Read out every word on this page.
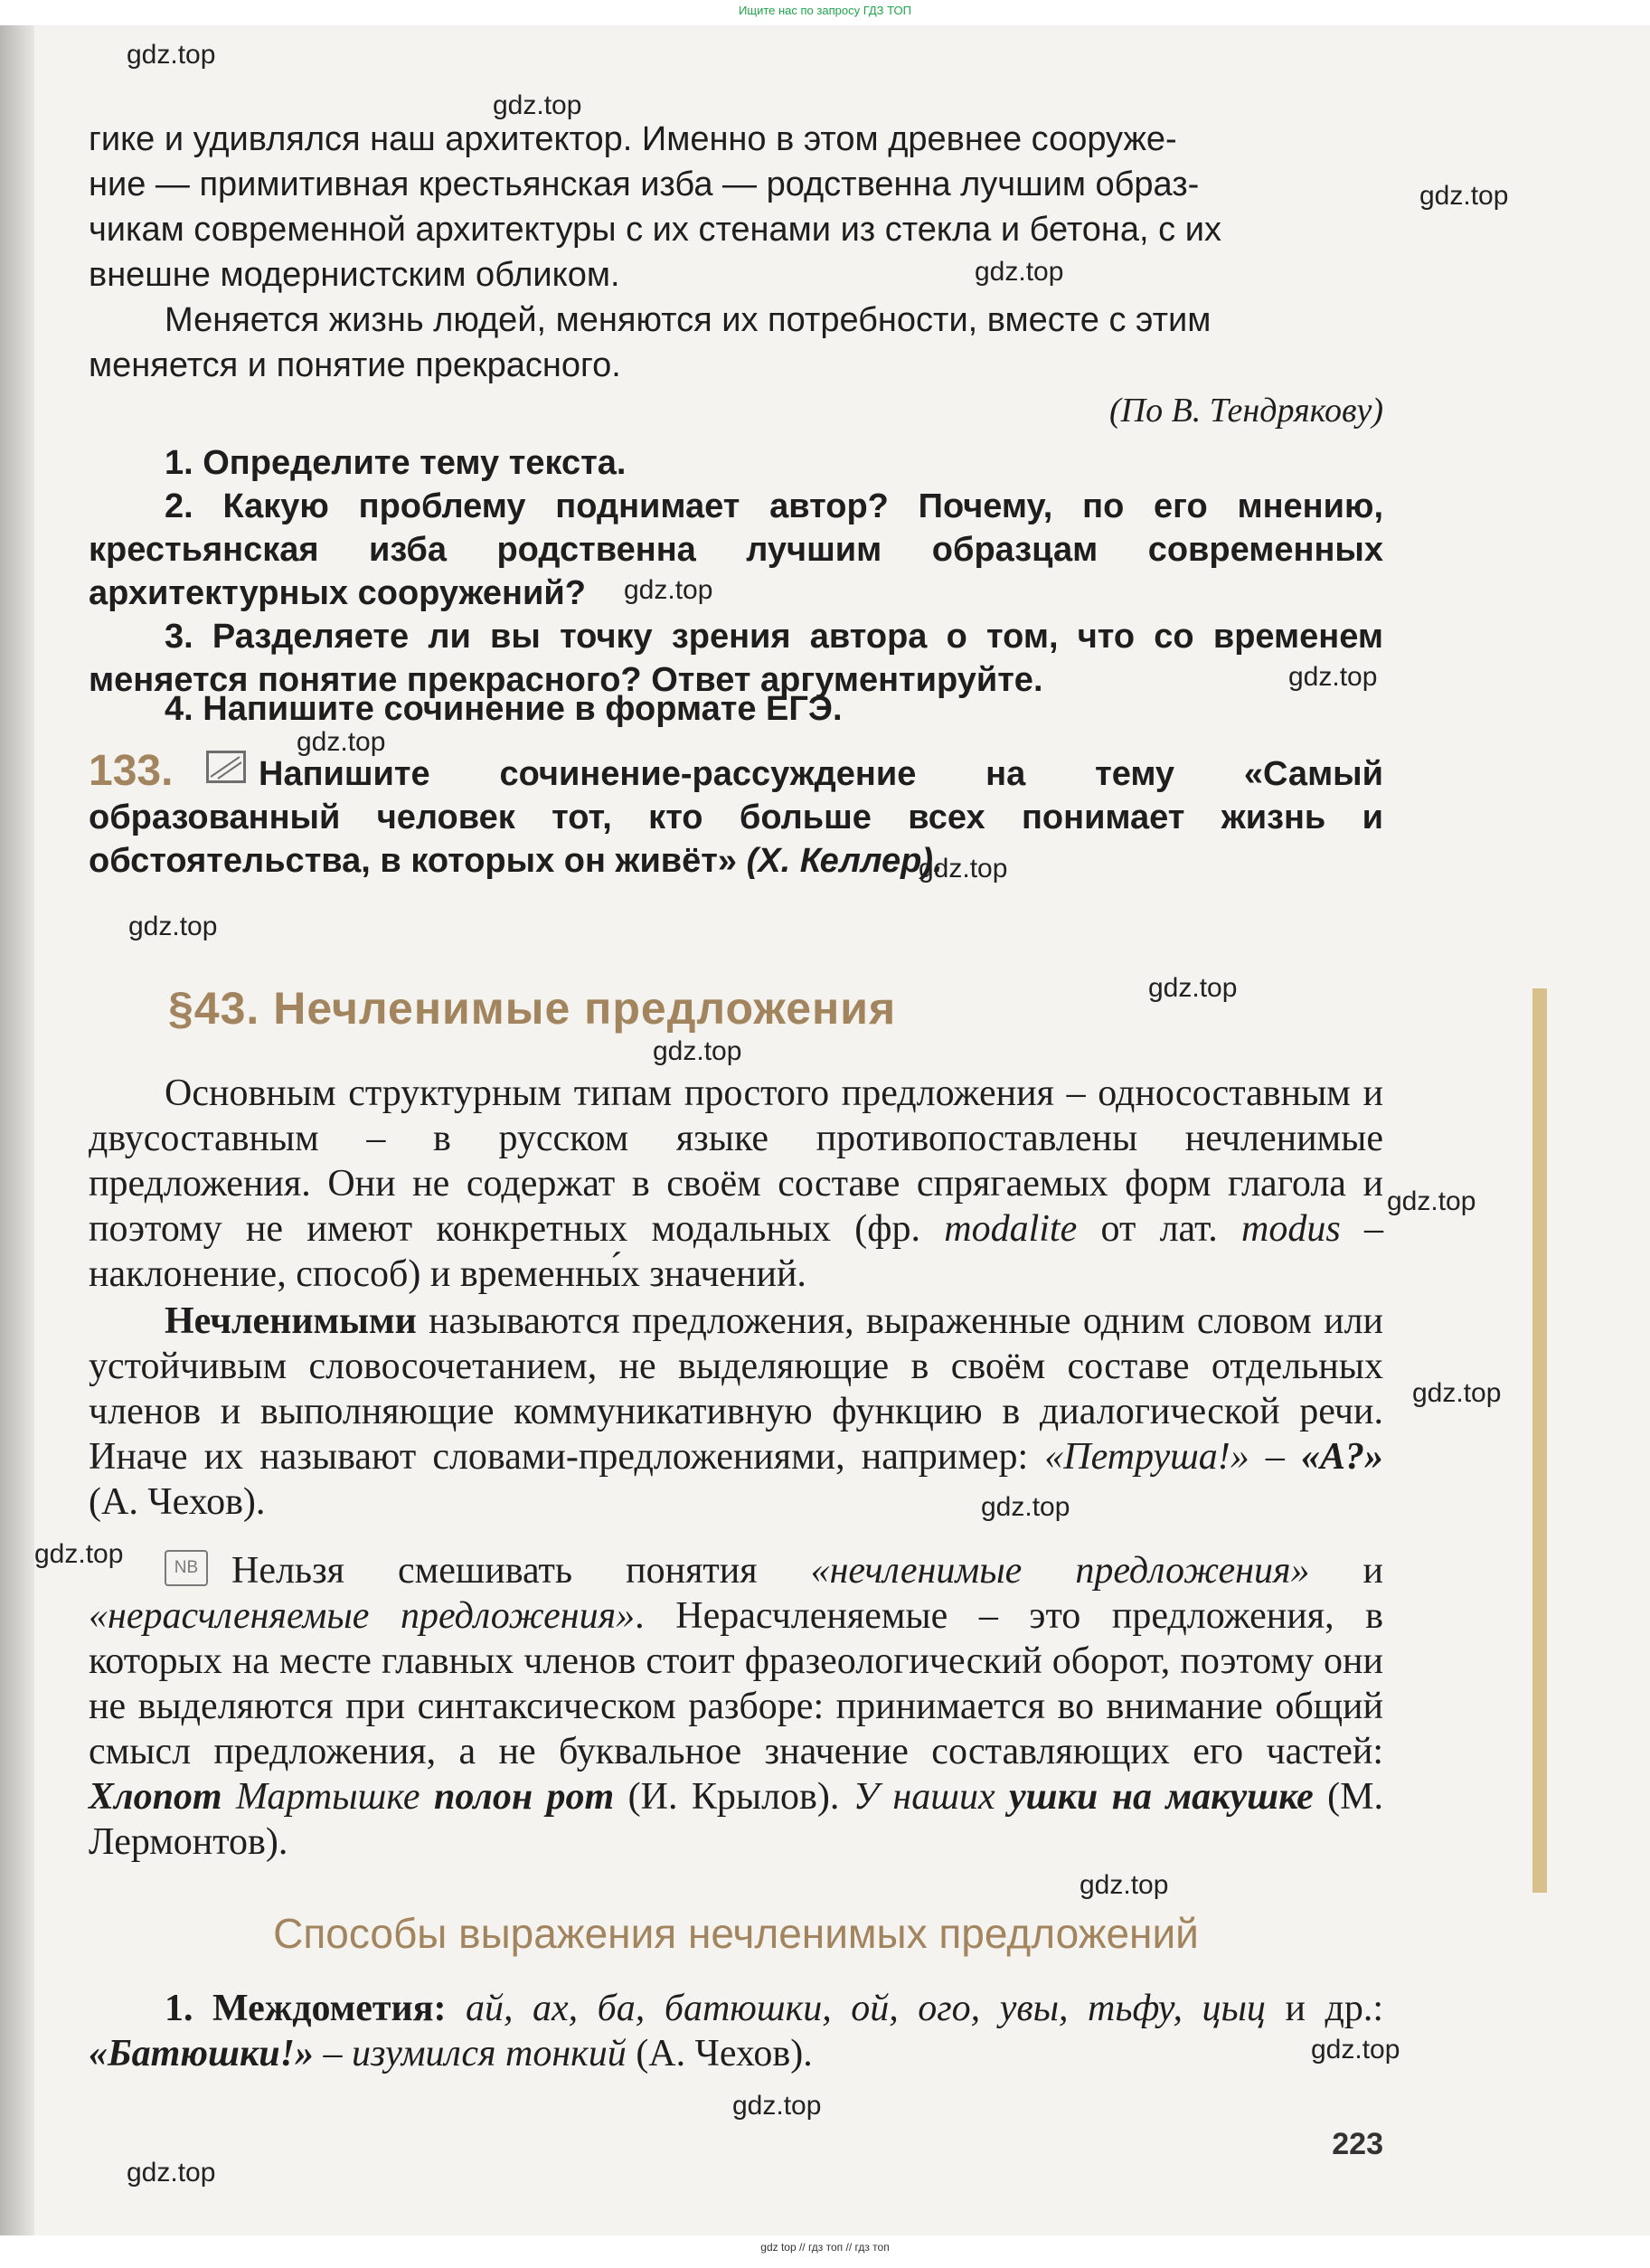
Ищите нас по запросу ГДЗ ТОП
гике и удивлялся наш архитектор. Именно в этом древнее сооруже-
ние — примитивная крестьянская изба — родственна лучшим образ-
чикам современной архитектуры с их стенами из стекла и бетона, с их
внешне модернистским обликом.
Меняется жизнь людей, меняются их потребности, вместе с этим
меняется и понятие прекрасного.
(По В. Тендрякову)
1. Определите тему текста.
2. Какую проблему поднимает автор? Почему, по его мнению, крестьянская изба родственна лучшим образцам современных архитектурных сооружений?
3. Разделяете ли вы точку зрения автора о том, что со временем меняется понятие прекрасного? Ответ аргументируйте.
4. Напишите сочинение в формате ЕГЭ.
133.	Напишите сочинение-рассуждение на тему «Самый образованный человек тот, кто больше всех понимает жизнь и обстоятельства, в которых он живёт» (Х. Келлер).
§43. Нечленимые предложения
Основным структурным типам простого предложения – односоставным и двусоставным – в русском языке противопоставлены нечленимые предложения. Они не содержат в своём составе спрягаемых форм глагола и поэтому не имеют конкретных модальных (фр. modalite от лат. modus – наклонение, способ) и временны́х значений.
Нечленимыми называются предложения, выраженные одним словом или устойчивым словосочетанием, не выделяющие в своём составе отдельных членов и выполняющие коммуникативную функцию в диалогической речи. Иначе их называют словами-предложениями, например: «Петруша!» – «А?» (А. Чехов).
NB Нельзя смешивать понятия «нечленимые предложения» и «нерасчленяемые предложения». Нерасчленяемые – это предложения, в которых на месте главных членов стоит фразеологический оборот, поэтому они не выделяются при синтаксическом разборе: принимается во внимание общий смысл предложения, а не буквальное значение составляющих его частей: Хлопот Мартышке полон рот (И. Крылов). У наших ушки на макушке (М. Лермонтов).
Способы выражения нечленимых предложений
1. Междометия: ай, ах, ба, батюшки, ой, ого, увы, тьфу, цыц и др.: «Батюшки!» – изумился тонкий (А. Чехов).
223
gdz.top
gdz.top
gdz.top
gdz.top
gdz.top
gdz.top
gdz.top
gdz.top
gdz.top
gdz.top
gdz.top
gdz.top
gdz.top
gdz.top
gdz.top
gdz.top
gdz.top
gdz.top
gdz.top
gdz top // гдз топ // гдз топ
